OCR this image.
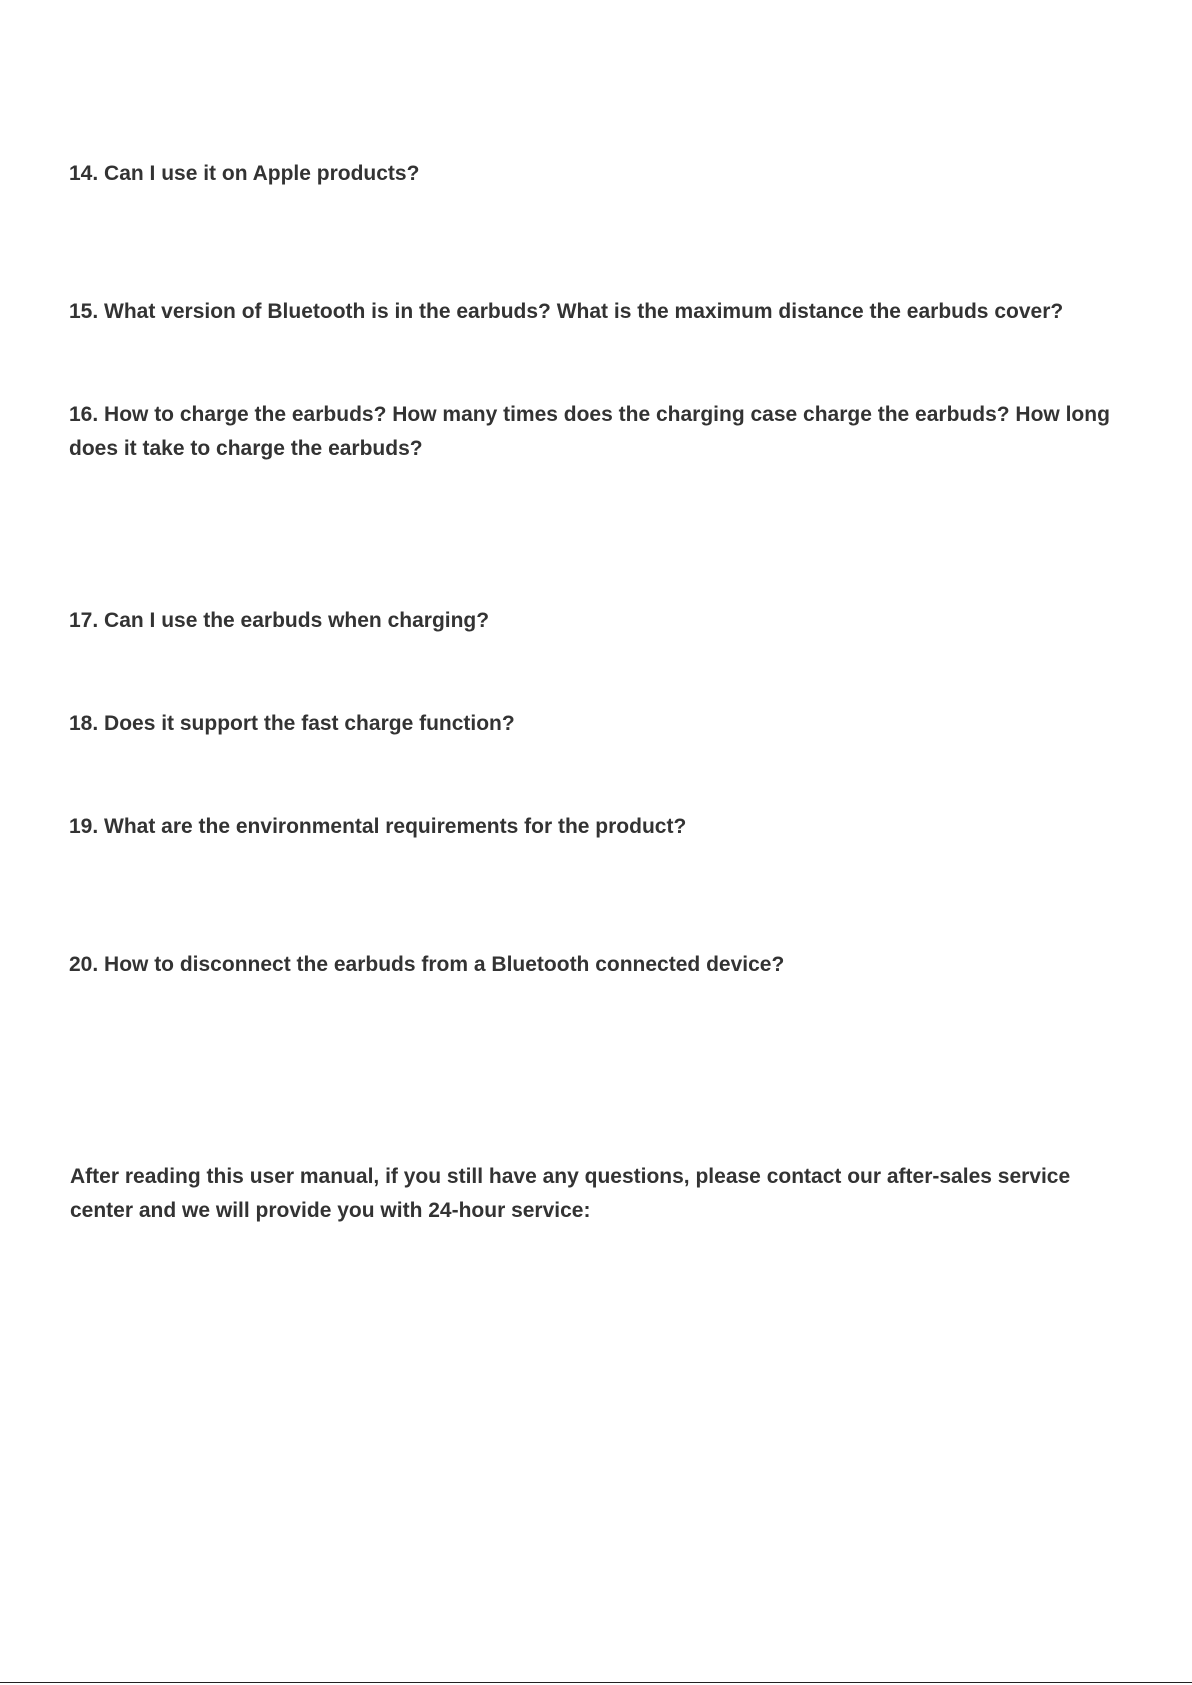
14. Can I use it on Apple products?

15. What version of Bluetooth is in the earbuds? What is the maximum distance the earbuds cover?

16. How to charge the earbuds? How many times does the charging case charge the earbuds? How long does it take to charge the earbuds?

17. Can I use the earbuds when charging?

18. Does it support the fast charge function?

19. What are the environmental requirements for the product?

20. How to disconnect the earbuds from a Bluetooth connected device?

After reading this user manual, if you still have any questions, please contact our after-sales service center and we will provide you with 24-hour service:
